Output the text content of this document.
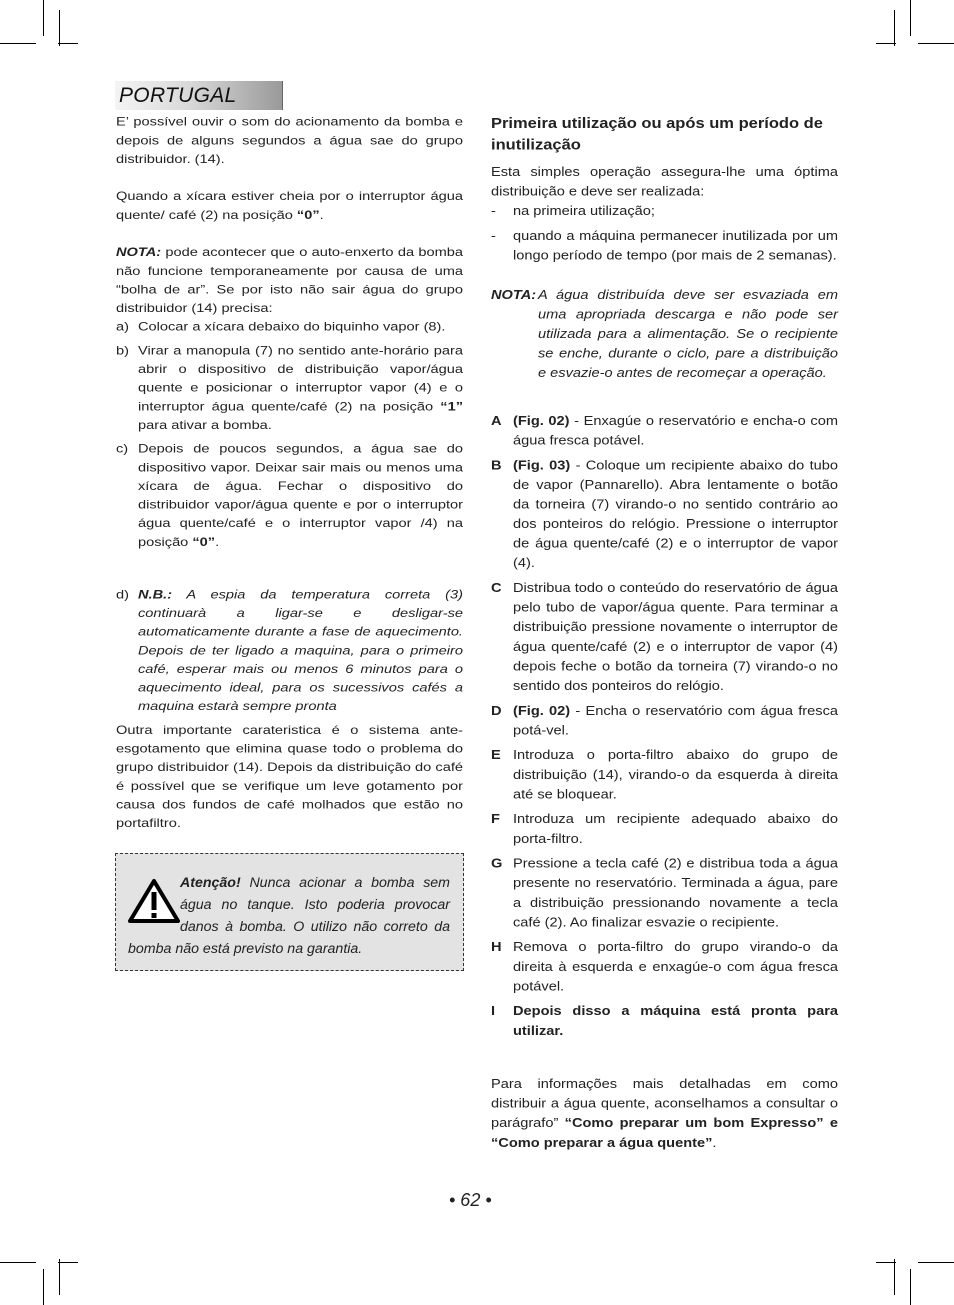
PORTUGAL

E’ possível ouvir o som do acionamento da bomba e depois de alguns segundos a água sae do grupo distribuidor. (14).

Quando a xícara estiver cheia por o interruptor água quente/ café (2) na posição “0”.

NOTA: pode acontecer que o auto-enxerto da bomba não funcione temporaneamente por causa de uma “bolha de ar”. Se por isto não sair água do grupo distribuidor (14) precisa:

a) Colocar a xícara debaixo do biquinho vapor (8).
b) Virar a manopula (7) no sentido ante-horário para abrir o dispositivo de distribuição vapor/água quente e posicionar o interruptor vapor (4) e o interruptor água quente/café (2) na posição “1” para ativar a bomba.
c) Depois de poucos segundos, a água sae do dispositivo vapor. Deixar sair mais ou menos uma xícara de água. Fechar o dispositivo do distribuidor vapor/água quente e por o interruptor água quente/café e o interruptor vapor /4) na posição “0”.
d) N.B.: A espia da temperatura correta (3) continuarà a ligar-se e desligar-se automaticamente durante a fase de aquecimento. Depois de ter ligado a maquina, para o primeiro café, esperar mais ou menos 6 minutos para o aquecimento ideal, para os sucessivos cafés a maquina estarà sempre pronta

Outra importante carateristica é o sistema ante-esgotamento que elimina quase todo o problema do grupo distribuidor (14). Depois da distribuição do café é possível que se verifique um leve gotamento por causa dos fundos de café molhados que estão no portafiltro.

Atenção! Nunca acionar a bomba sem água no tanque. Isto poderia provocar danos à bomba. O utilizo não correto da bomba não está previsto na garantia.
Primeira utilização ou após um período de inutilização

Esta simples operação assegura-lhe uma óptima distribuição e deve ser realizada:

-	na primeira utilização;
-	quando a máquina permanecer inutilizada por um longo período de tempo (por mais de 2 semanas).
NOTA: A água distribuída deve ser esvaziada em uma apropriada descarga e não pode ser utilizada para a alimentação. Se o recipiente se enche, durante o ciclo, pare a distribuição e esvazie-o antes de recomeçar a operação.
A (Fig. 02) - Enxagúe o reservatório e encha-o com água fresca potável.
B (Fig. 03) - Coloque um recipiente abaixo do tubo de vapor (Pannarello). Abra lentamente o botão da torneira (7) virando-o no sentido contrário ao dos ponteiros do relógio. Pressione o interruptor de água quente/café (2) e o interruptor de vapor (4).
C Distribua todo o conteúdo do reservatório de água pelo tubo de vapor/água quente. Para terminar a distribuição pressione novamente o interruptor de água quente/café (2) e o interruptor de vapor (4) depois feche o botão da torneira (7) virando-o no sentido dos ponteiros do relógio.
D (Fig. 02) - Encha o reservatório com água fresca potá-vel.
E Introduza o porta-filtro abaixo do grupo de distribuição (14), virando-o da esquerda à direita até se bloquear.
F Introduza um recipiente adequado abaixo do porta-filtro.
G Pressione a tecla café (2) e distribua toda a água presente no reservatório. Terminada a água, pare a distribuição pressionando novamente a tecla café (2). Ao finalizar esvazie o recipiente.
H Remova o porta-filtro do grupo virando-o da direita à esquerda e enxagúe-o com água fresca potável.
I	Depois disso a máquina está pronta para utilizar.

Para informações mais detalhadas em como distribuir a água quente, aconselhamos a consultar o parágrafo” “Como preparar um bom Expresso” e “Como preparar a água quente”.

• 62 •
